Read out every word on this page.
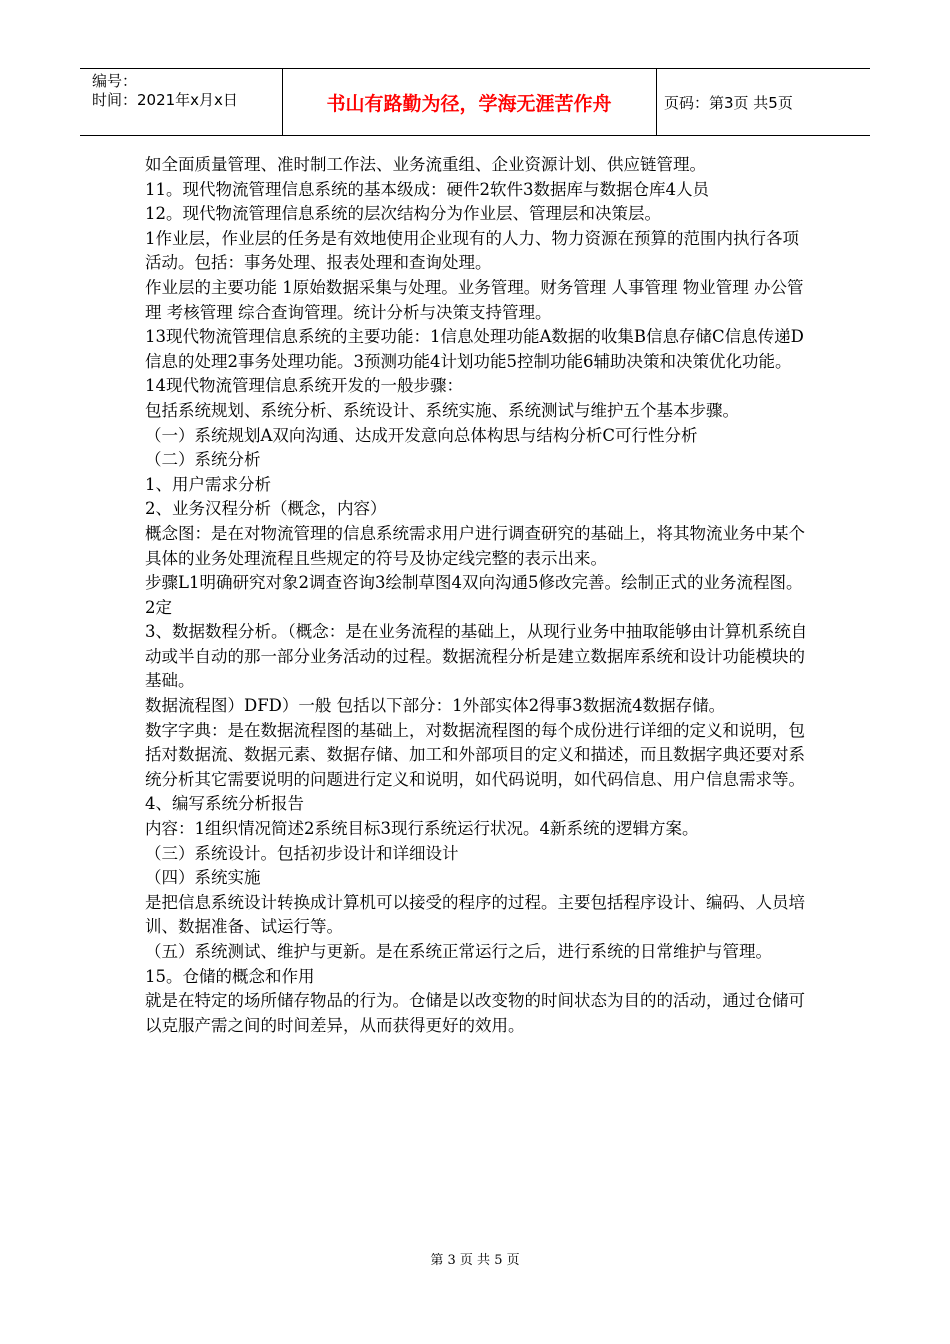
编号：
时间：2021年x月x日	书山有路勤为径，学海无涯苦作舟	页码：第3页 共5页

如全面质量管理、准时制工作法、业务流重组、企业资源计划、供应链管理。

11。现代物流管理信息系统的基本级成：硬件2软件3数据库与数据仓库4人员

12。现代物流管理信息系统的层次结构分为作业层、管理层和决策层。

1作业层，作业层的任务是有效地使用企业现有的人力、物力资源在预算的范围内执行各项活动。包括：事务处理、报表处理和查询处理。

作业层的主要功能 1原始数据采集与处理。业务管理。财务管理 人事管理 物业管理 办公管理 考核管理 综合查询管理。统计分析与决策支持管理。

13现代物流管理信息系统的主要功能：1信息处理功能A数据的收集B信息存储C信息传递D信息的处理2事务处理功能。3预测功能4计划功能5控制功能6辅助决策和决策优化功能。

14现代物流管理信息系统开发的一般步骤：

包括系统规划、系统分析、系统设计、系统实施、系统测试与维护五个基本步骤。

（一）系统规划A双向沟通、达成开发意向总体构思与结构分析C可行性分析

（二）系统分析

1、用户需求分析

2、业务汉程分析（概念，内容）

概念图：是在对物流管理的信息系统需求用户进行调查研究的基础上，将其物流业务中某个具体的业务处理流程且些规定的符号及协定线完整的表示出来。

步骤L1明确研究对象2调查咨询3绘制草图4双向沟通5修改完善。绘制正式的业务流程图。

2定

3、数据数程分析。（概念：是在业务流程的基础上，从现行业务中抽取能够由计算机系统自动或半自动的那一部分业务活动的过程。数据流程分析是建立数据库系统和设计功能模块的基础。

数据流程图）DFD）一般 包括以下部分：1外部实体2得事3数据流4数据存储。

数字字典：是在数据流程图的基础上，对数据流程图的每个成份进行详细的定义和说明，包括对数据流、数据元素、数据存储、加工和外部项目的定义和描述，而且数据字典还要对系统分析其它需要说明的问题进行定义和说明，如代码说明，如代码信息、用户信息需求等。

4、编写系统分析报告

内容：1组织情况简述2系统目标3现行系统运行状况。4新系统的逻辑方案。

（三）系统设计。包括初步设计和详细设计

（四）系统实施

是把信息系统设计转换成计算机可以接受的程序的过程。主要包括程序设计、编码、人员培训、数据准备、试运行等。

（五）系统测试、维护与更新。是在系统正常运行之后，进行系统的日常维护与管理。

15。仓储的概念和作用

就是在特定的场所储存物品的行为。仓储是以改变物的时间状态为目的的活动，通过仓储可以克服产需之间的时间差异，从而获得更好的效用。

第 3 页 共 5 页
